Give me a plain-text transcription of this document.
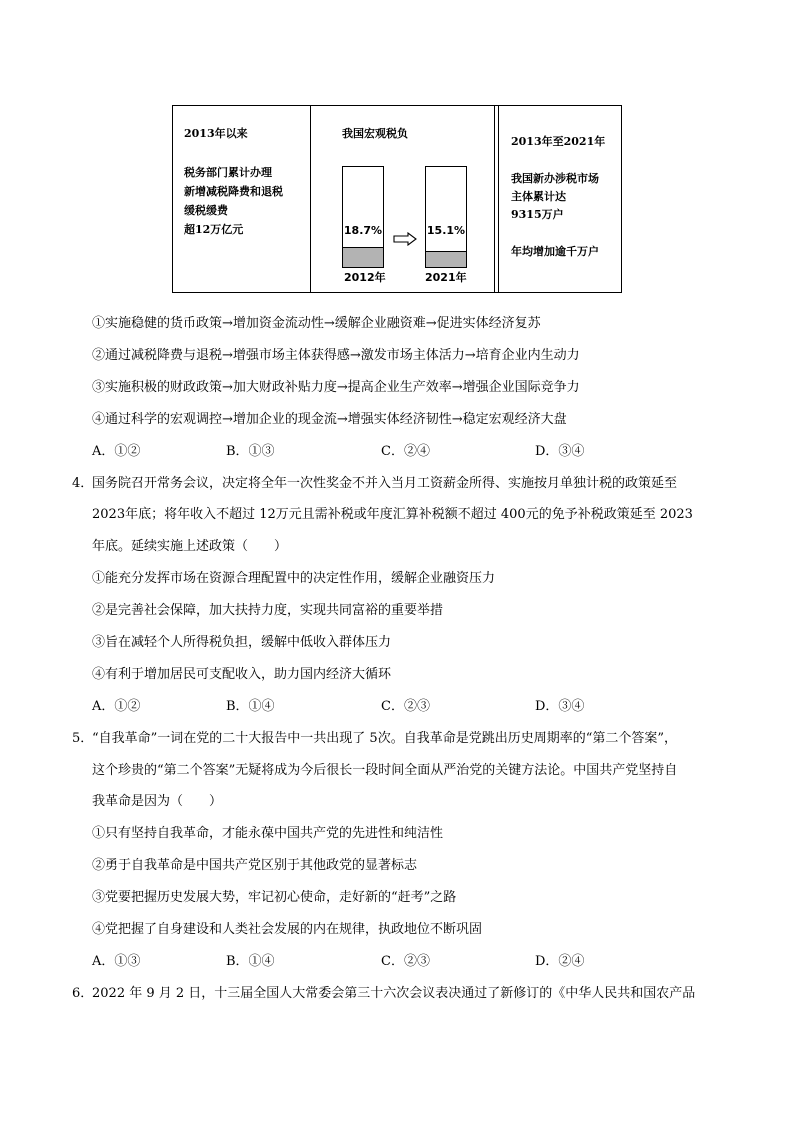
2013年以来
税务部门累计办理
新增减税降费和退税
缓税缓费
超12万亿元
我国宏观税负
18.7%	15.1%
2012年	2021年
2013年至2021年
我国新办涉税市场
主体累计达
9315万户
年均增加逾千万户
①实施稳健的货币政策→增加资金流动性→缓解企业融资难→促进实体经济复苏
②通过减税降费与退税→增强市场主体获得感→激发市场主体活力→培育企业内生动力
③实施积极的财政政策→加大财政补贴力度→提高企业生产效率→增强企业国际竞争力
④通过科学的宏观调控→增加企业的现金流→增强实体经济韧性→稳定宏观经济大盘
A．①②	B．①③	C．②④	D．③④
4．
国务院召开常务会议，决定将全年一次性奖金不并入当月工资薪金所得、实施按月单独计税的政策延至
2023年底；将年收入不超过 12万元且需补税或年度汇算补税额不超过 400元的免予补税政策延至 2023
年底。延续实施上述政策（　　）
①能充分发挥市场在资源合理配置中的决定性作用，缓解企业融资压力
②是完善社会保障，加大扶持力度，实现共同富裕的重要举措
③旨在减轻个人所得税负担，缓解中低收入群体压力
④有利于增加居民可支配收入，助力国内经济大循环
A．①②	B．①④	C．②③	D．③④
5．
“自我革命”一词在党的二十大报告中一共出现了 5次。自我革命是党跳出历史周期率的“第二个答案”，
这个珍贵的“第二个答案”无疑将成为今后很长一段时间全面从严治党的关键方法论。中国共产党坚持自
我革命是因为（　　）
①只有坚持自我革命，才能永葆中国共产党的先进性和纯洁性
②勇于自我革命是中国共产党区别于其他政党的显著标志
③党要把握历史发展大势，牢记初心使命，走好新的“赶考”之路
④党把握了自身建设和人类社会发展的内在规律，执政地位不断巩固
A．①③	B．①④	C．②③	D．②④
6．
2022 年 9 月 2 日，十三届全国人大常委会第三十六次会议表决通过了新修订的《中华人民共和国农产品
